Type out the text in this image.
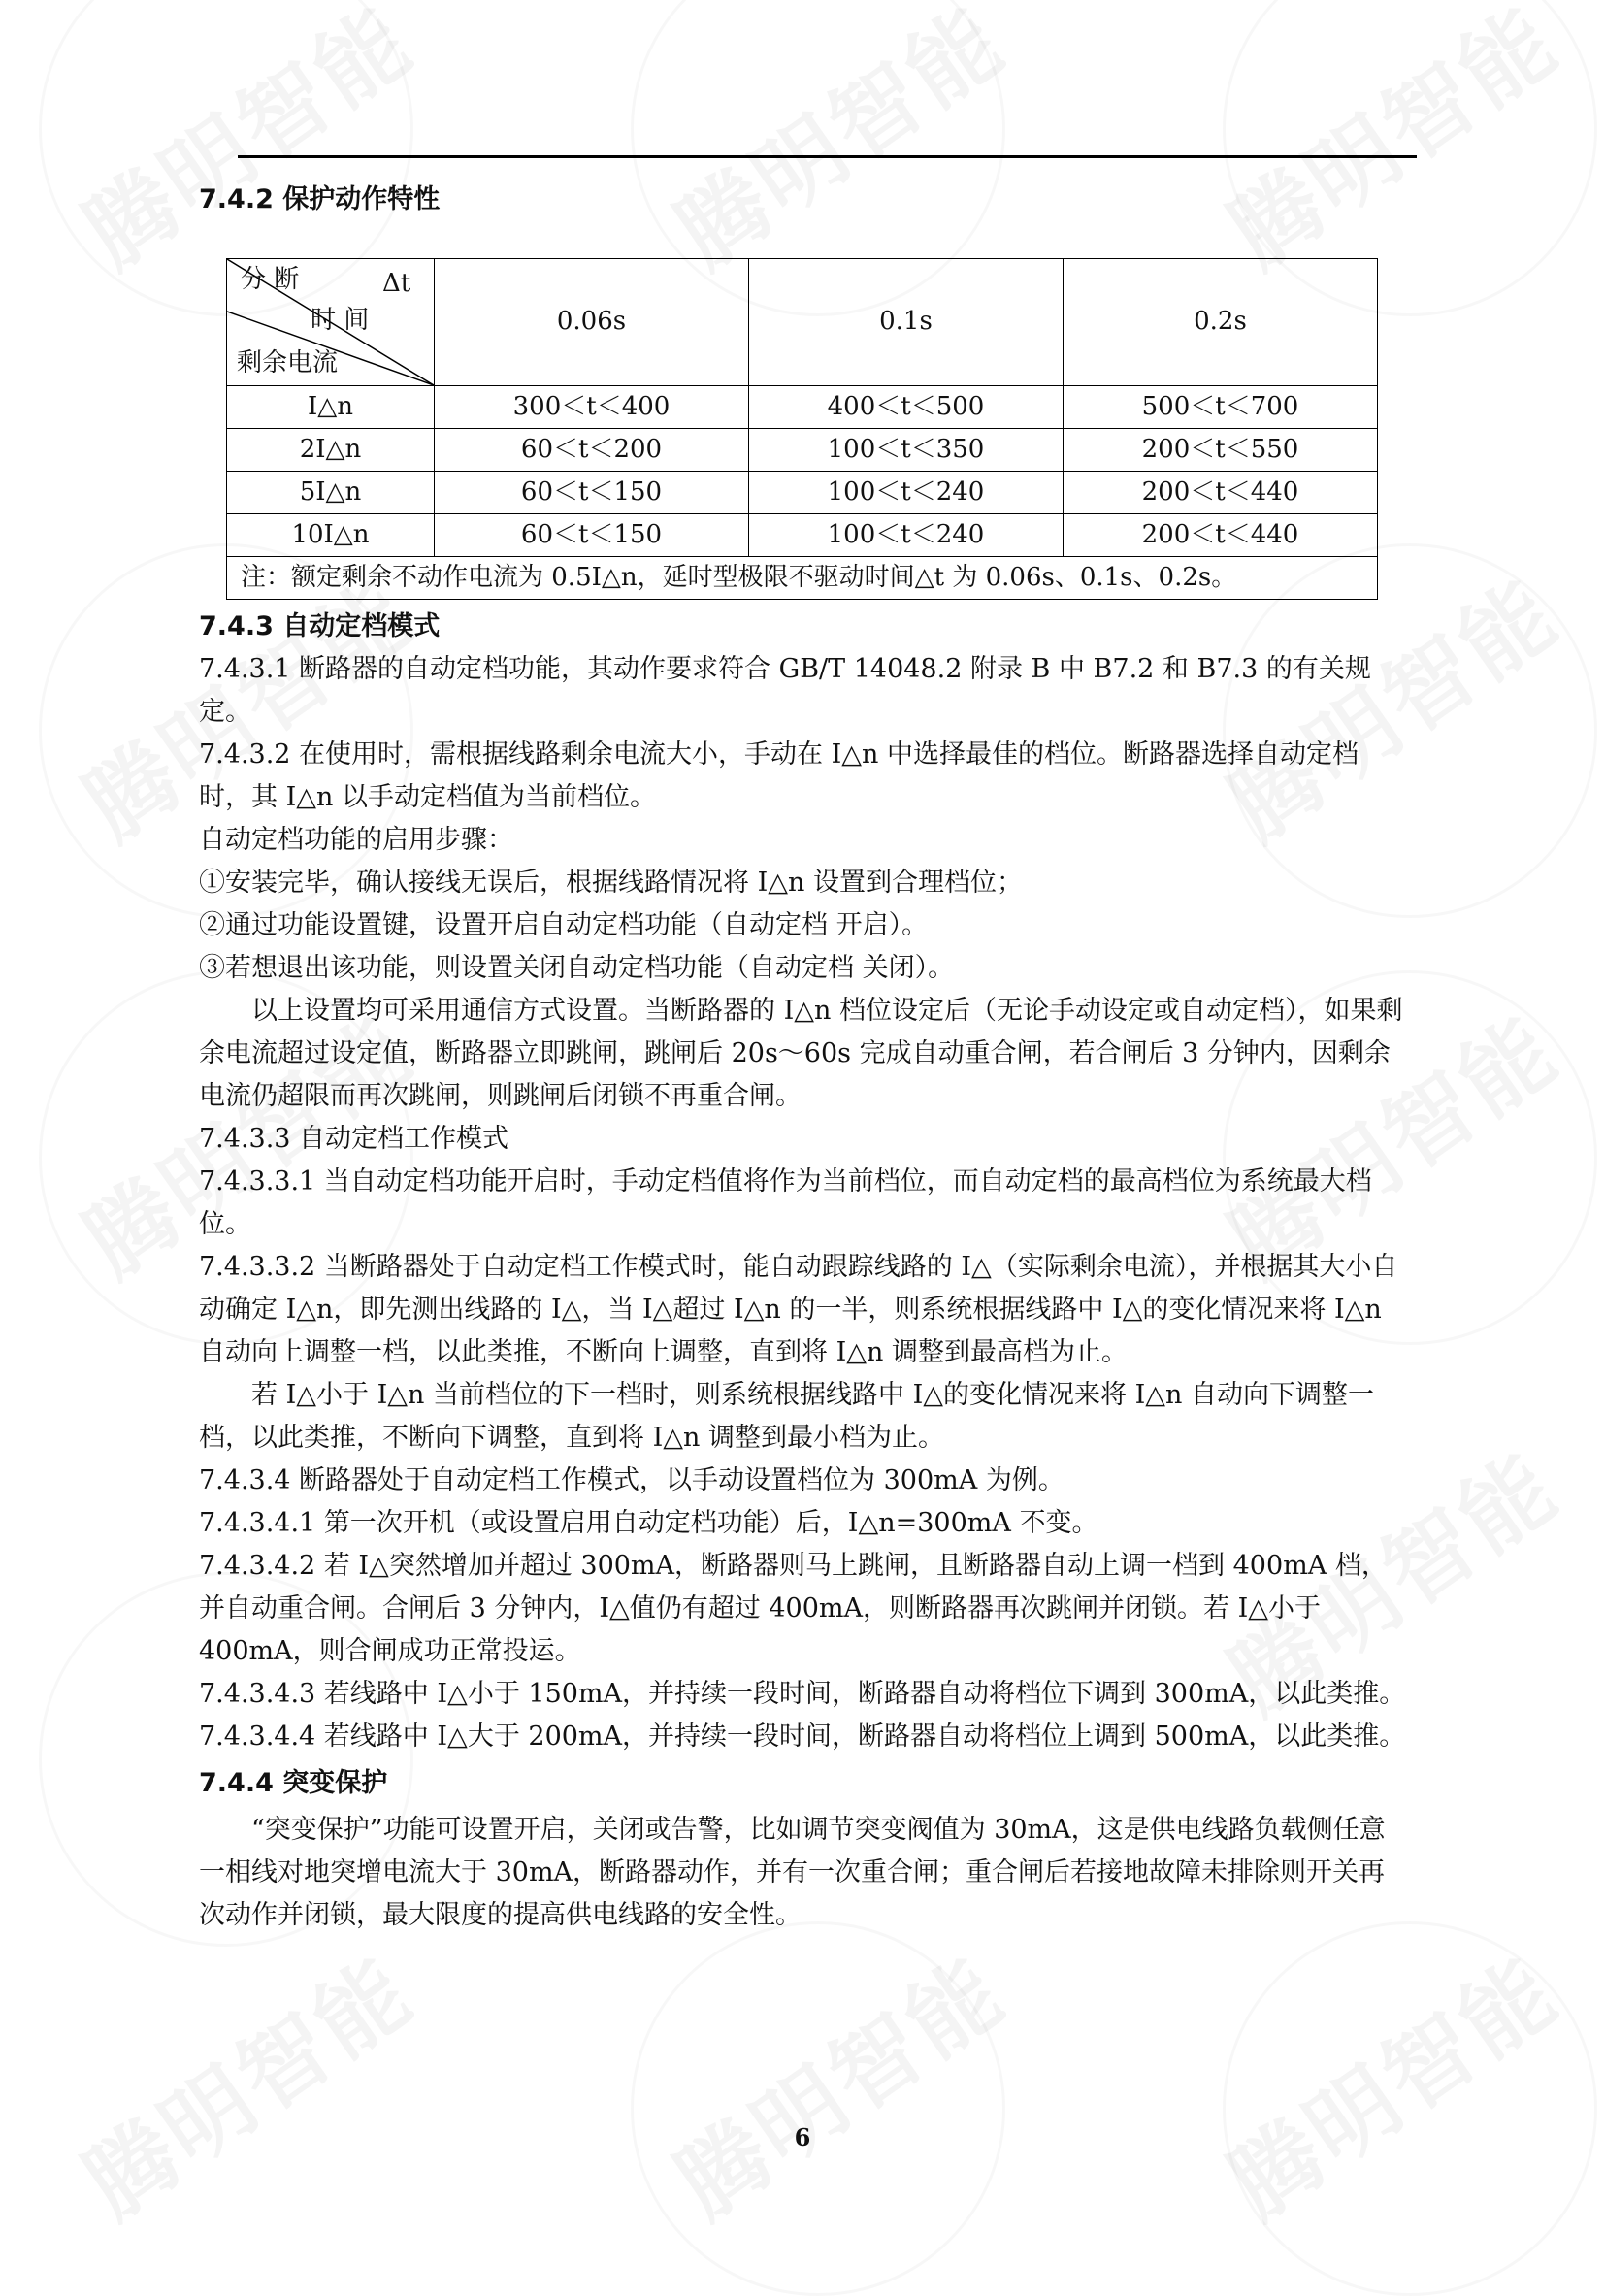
7.4.2 保护动作特性
分 断 Δt
时 间
剩余电流	0.06s	0.1s	0.2s
I△n	300＜t＜400	400＜t＜500	500＜t＜700
2I△n	60＜t＜200	100＜t＜350	200＜t＜550
5I△n	60＜t＜150	100＜t＜240	200＜t＜440
10I△n	60＜t＜150	100＜t＜240	200＜t＜440
注：额定剩余不动作电流为 0.5I△n，延时型极限不驱动时间△t 为 0.06s、0.1s、0.2s。			
7.4.3 自动定档模式

7.4.3.1 断路器的自动定档功能，其动作要求符合 GB/T 14048.2 附录 B 中 B7.2 和 B7.3 的有关规定。

7.4.3.2 在使用时，需根据线路剩余电流大小，手动在 I△n 中选择最佳的档位。断路器选择自动定档时，其 I△n 以手动定档值为当前档位。

自动定档功能的启用步骤：

①安装完毕，确认接线无误后，根据线路情况将 I△n 设置到合理档位；

②通过功能设置键，设置开启自动定档功能（自动定档 开启）。

③若想退出该功能，则设置关闭自动定档功能（自动定档 关闭）。

以上设置均可采用通信方式设置。当断路器的 I△n 档位设定后（无论手动设定或自动定档），如果剩余电流超过设定值，断路器立即跳闸，跳闸后 20s～60s 完成自动重合闸，若合闸后 3 分钟内，因剩余电流仍超限而再次跳闸，则跳闸后闭锁不再重合闸。

7.4.3.3 自动定档工作模式

7.4.3.3.1 当自动定档功能开启时，手动定档值将作为当前档位，而自动定档的最高档位为系统最大档位。

7.4.3.3.2 当断路器处于自动定档工作模式时，能自动跟踪线路的 I△（实际剩余电流），并根据其大小自动确定 I△n，即先测出线路的 I△，当 I△超过 I△n 的一半，则系统根据线路中 I△的变化情况来将 I△n 自动向上调整一档，以此类推，不断向上调整，直到将 I△n 调整到最高档为止。

若 I△小于 I△n 当前档位的下一档时，则系统根据线路中 I△的变化情况来将 I△n 自动向下调整一档，以此类推，不断向下调整，直到将 I△n 调整到最小档为止。

7.4.3.4 断路器处于自动定档工作模式，以手动设置档位为 300mA 为例。

7.4.3.4.1 第一次开机（或设置启用自动定档功能）后，I△n=300mA 不变。

7.4.3.4.2 若 I△突然增加并超过 300mA，断路器则马上跳闸，且断路器自动上调一档到 400mA 档，并自动重合闸。合闸后 3 分钟内，I△值仍有超过 400mA，则断路器再次跳闸并闭锁。若 I△小于 400mA，则合闸成功正常投运。

7.4.3.4.3 若线路中 I△小于 150mA，并持续一段时间，断路器自动将档位下调到 300mA，以此类推。

7.4.3.4.4 若线路中 I△大于 200mA，并持续一段时间，断路器自动将档位上调到 500mA，以此类推。

7.4.4 突变保护

“突变保护”功能可设置开启，关闭或告警，比如调节突变阀值为 30mA，这是供电线路负载侧任意一相线对地突增电流大于 30mA，断路器动作，并有一次重合闸；重合闸后若接地故障未排除则开关再次动作并闭锁，最大限度的提高供电线路的安全性。

6
